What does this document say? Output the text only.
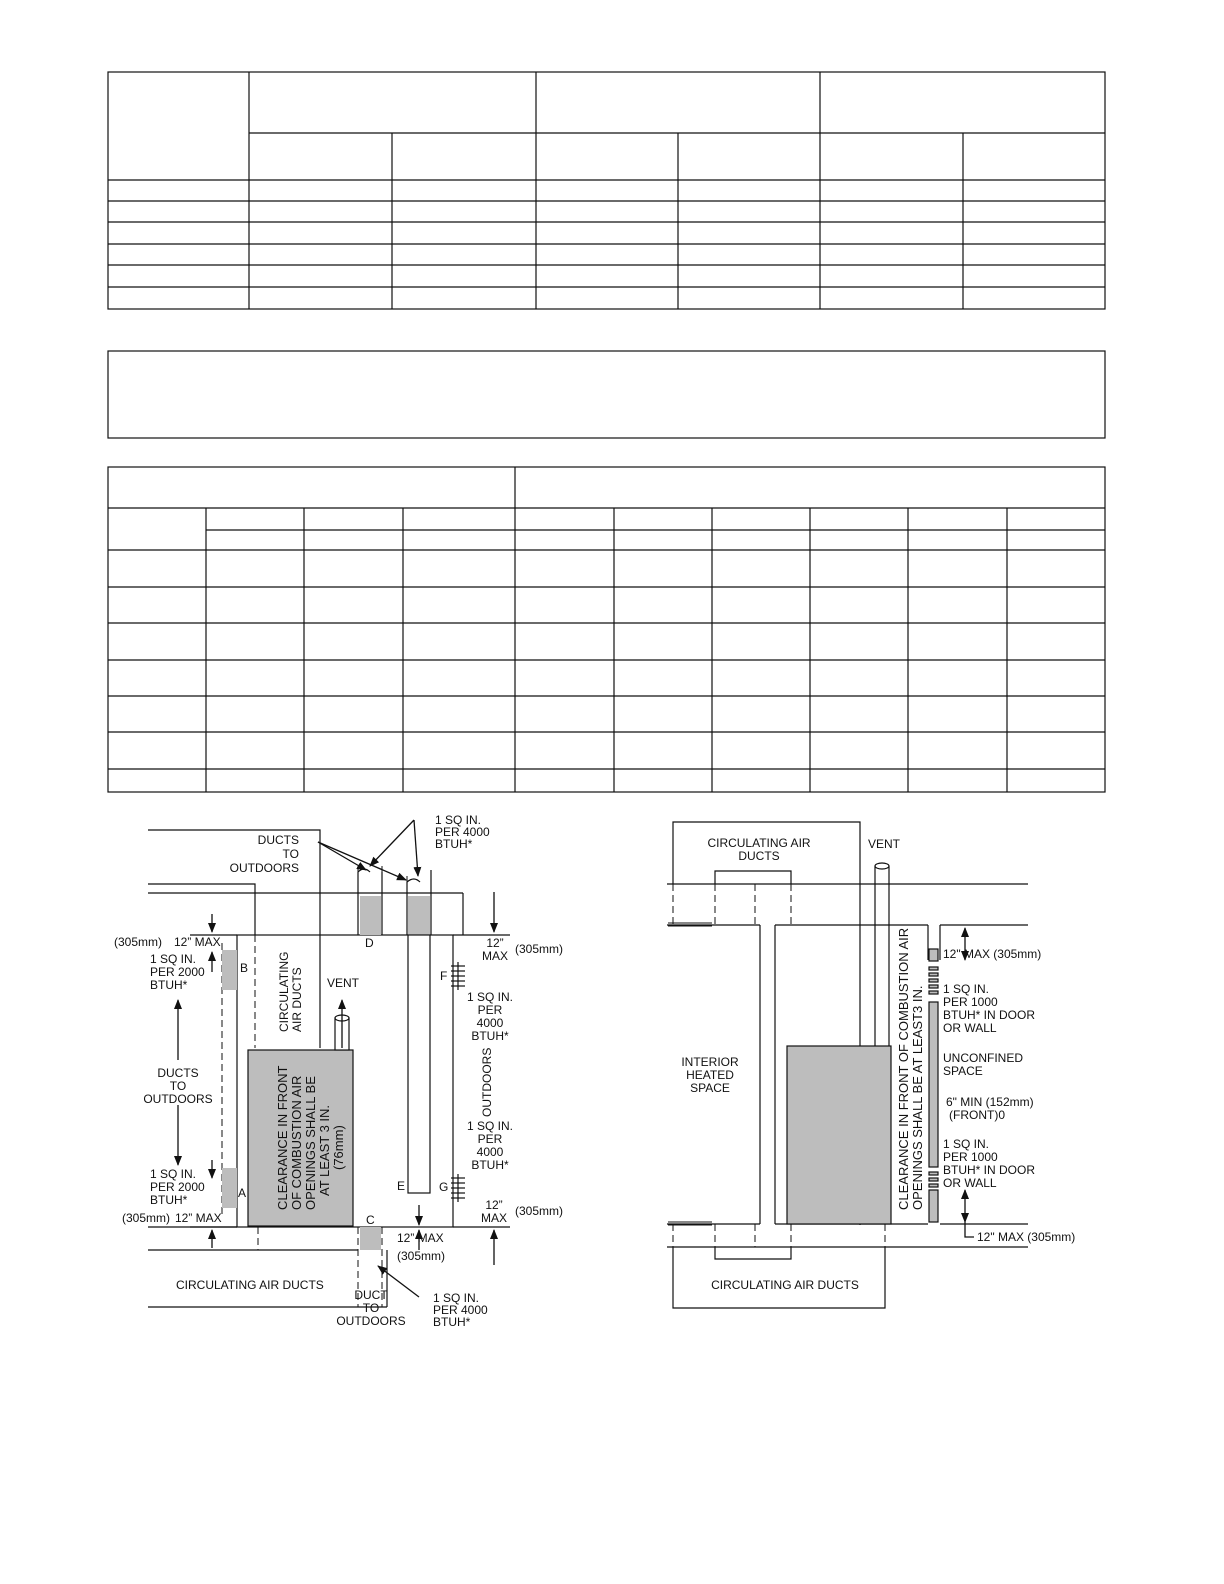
DUCTS TO OUTDOORS
1 SQ IN. PER 4000 BTUH*
(305mm) 12” MAX
1 SQ IN. PER 2000 BTUH*
DUCTS TO OUTDOORS
1 SQ IN. PER 2000 BTUH*
(305mm) 12” MAX
A
B
C
D
E
F
G
VENT
CIRCULATINGAIR DUCTS
CLEARANCE IN FRONTOF COMBUSTION AIROPENINGS SHALL BEAT LEAST 3 IN.(76mm)
12”
MAX (305mm)
1 SQ IN. PER 4000 BTUH*
OUTDOORS
1 SQ IN. PER 4000 BTUH*
12”
MAX (305mm)
12” MAX
(305mm)
CIRCULATING AIR DUCTS
DUCT TO OUTDOORS
1 SQ IN. PER 4000 BTUH*
CIRCULATING AIR DUCTS
VENT
INTERIOR HEATED SPACE	CLEARANCE IN FRONT OF COMBUSTION AIROPENINGS SHALL BE AT LEAST3 IN.
12" MAX (305mm)
1 SQ IN. PER 1000 BTUH* IN DOOR OR WALL
UNCONFINED SPACE
6" MIN (152mm) (FRONT)0
1 SQ IN. PER 1000 BTUH* IN DOOR OR WALL
12" MAX (305mm)
CIRCULATING AIR DUCTS
